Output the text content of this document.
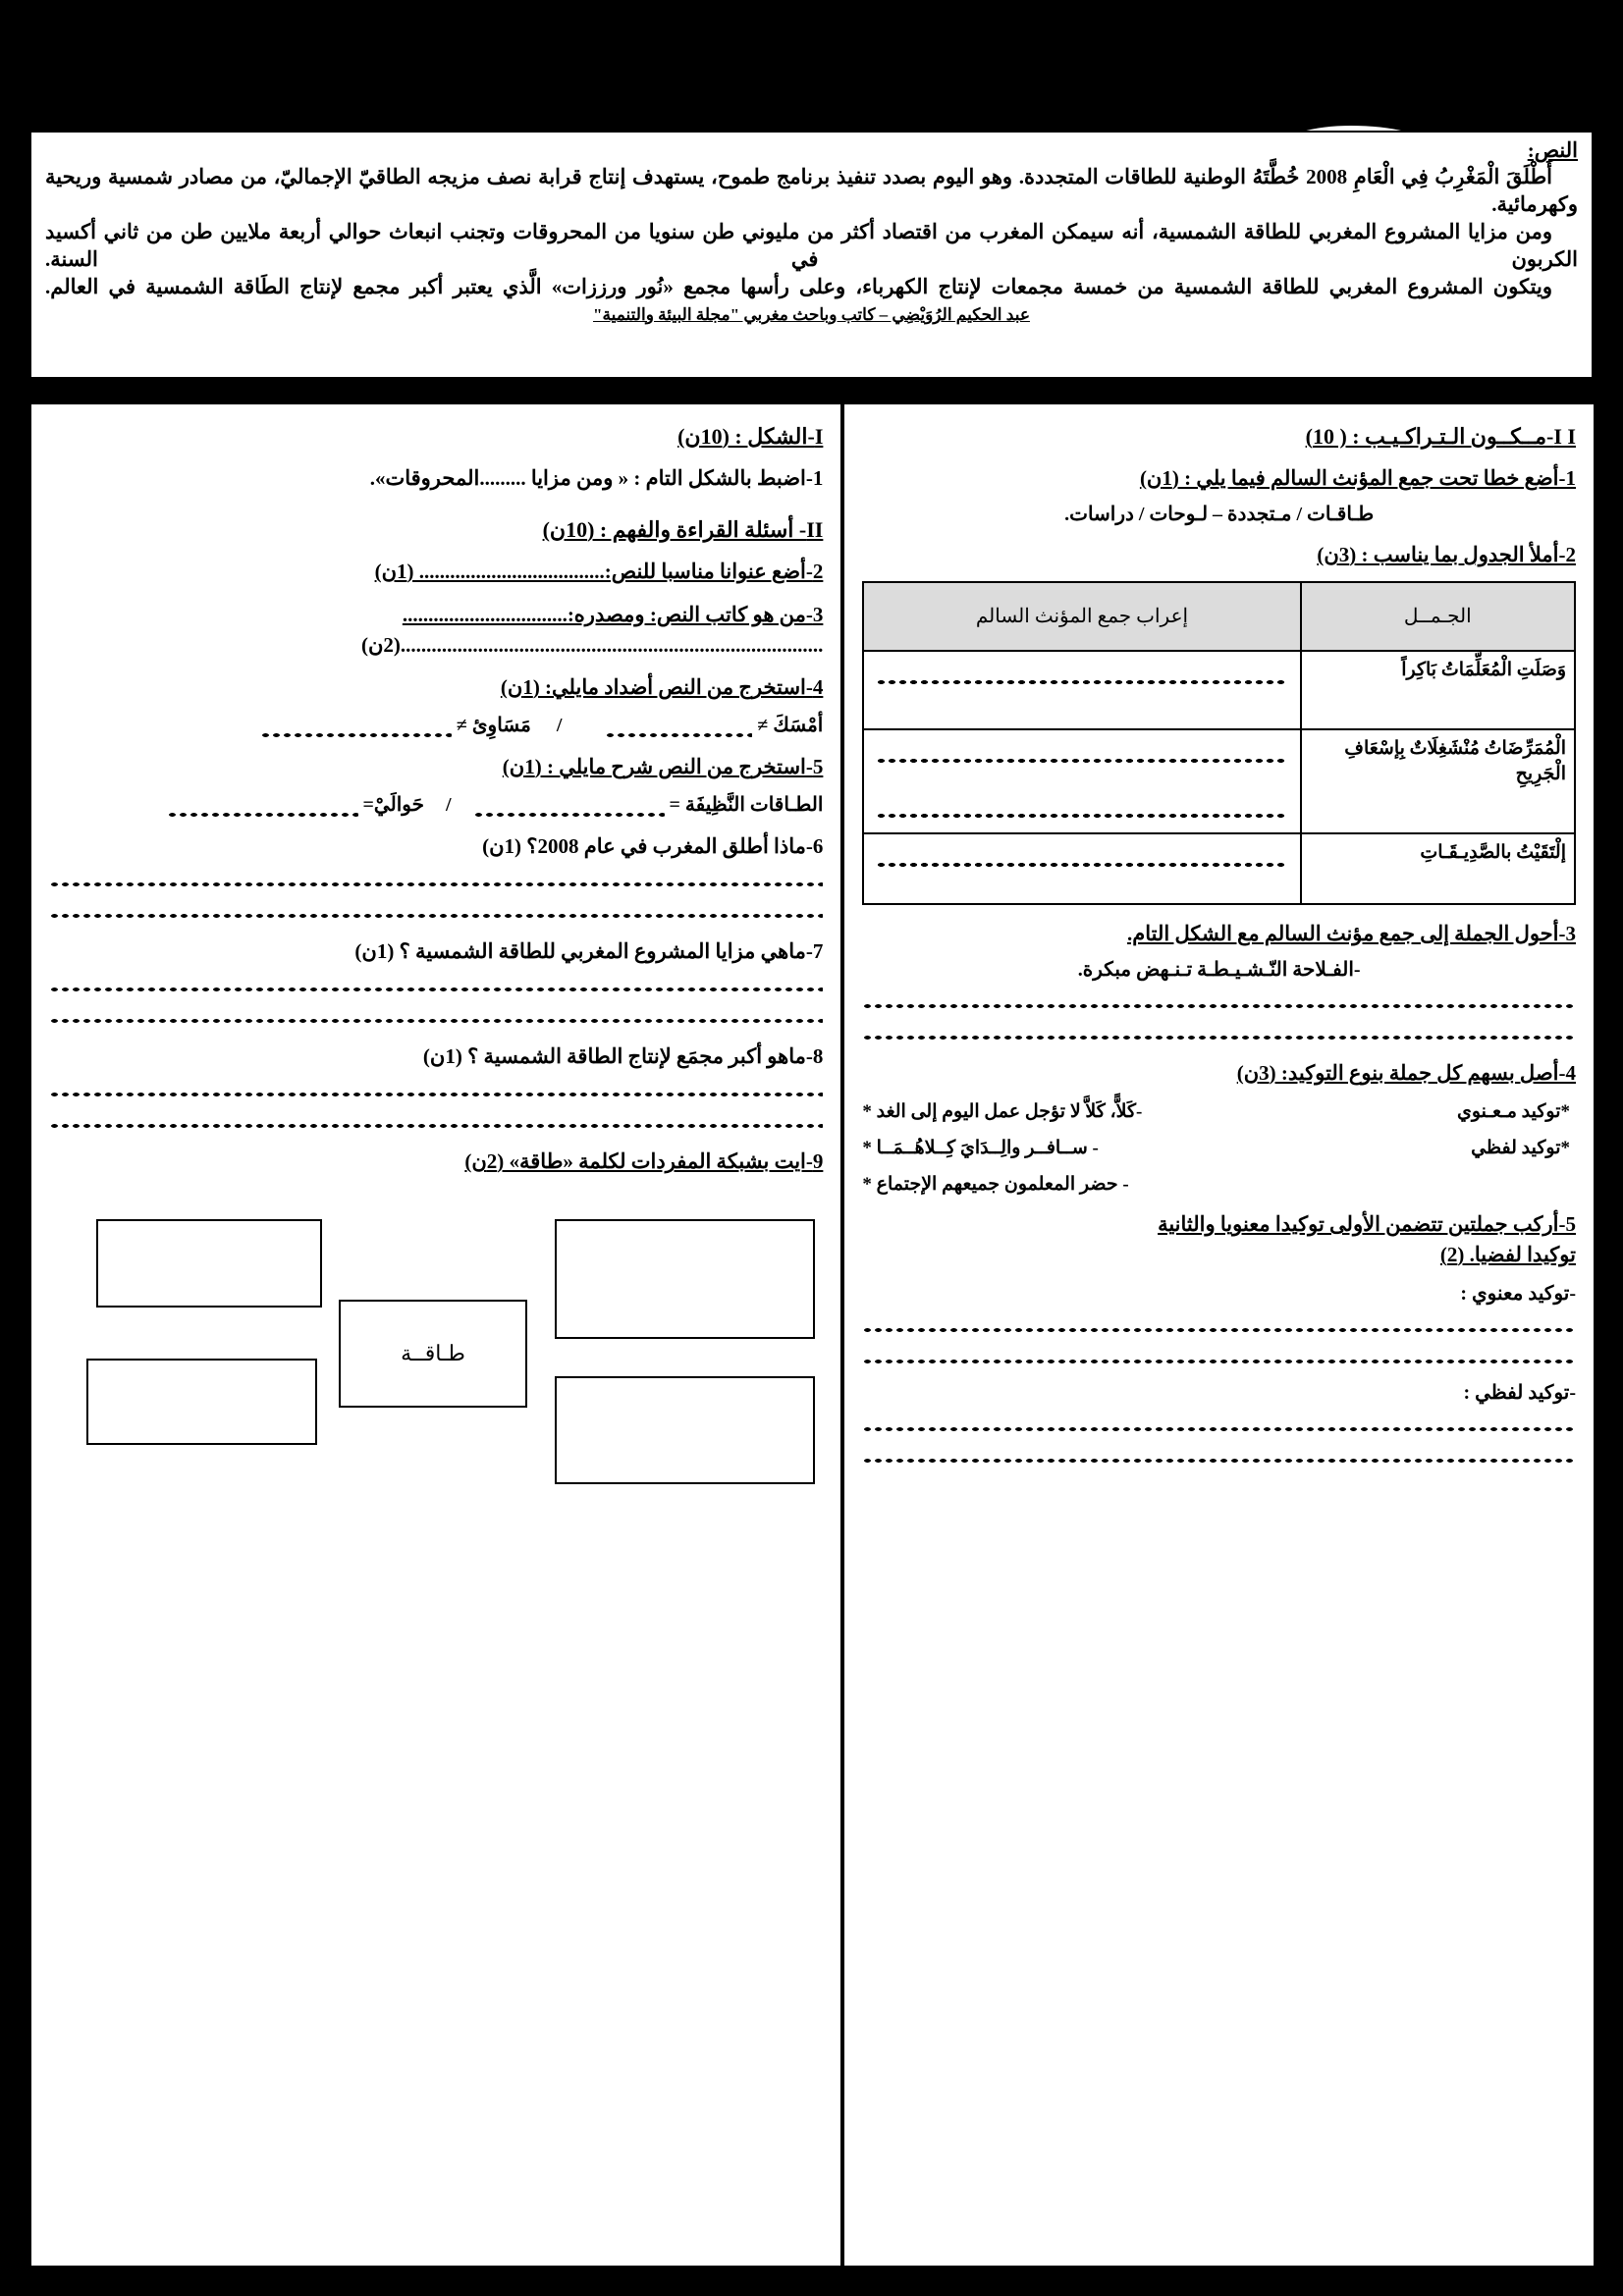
النص:

أَطْلَقَ الْمَغْرِبُ فِي الْعَامِ 2008 خُطَّتَهُ الوطنية للطاقات المتجددة. وهو اليوم بصدد تنفيذ برنامج طموح، يستهدف إنتاج قرابة نصف مزيجه الطاقيّ الإجماليّ، من مصادر شمسية وريحية وكهرمائية.

ومن مزايا المشروع المغربي للطاقة الشمسية، أنه سيمكن المغرب من اقتصاد أكثر من مليوني طن سنويا من المحروقات وتجنب انبعاث حوالي أربعة ملايين طن من ثاني أكسيد الكربون في السنة.

ويتكون المشروع المغربي للطاقة الشمسية من خمسة مجمعات لإنتاج الكهرباء، وعلى رأسها مجمع «نُور ورززات» الَّذي يعتبر أكبر مجمع لإنتاج الطَاقة الشمسية في العالم.

عبد الحكيم الرُوَيْضِي – كاتب وباحث مغربي "مجلة البيئة والتنمية"
I I-مــكــون الـتـراكـيـب : ( 10)
1-أضع خطا تحت جمع المؤنث السالم فيما يلي : (1ن)
طـاقـات / مـتجددة – لـوحات / دراسات.
2-أملأ الجدول بما يناسب : (3ن)
الجـمــل	إعراب جمع المؤنث السالم
وَصَلَتِ الْمُعَلِّمَاتُ بَاكِراً	

الْمُمَرِّضَاتُ مُنْشَغِلَاتٌ بِإسْعَافِ الْجَرِيحِ	

إلْتَقَيْتُ بالصَّدِيـقَـاتِ	
3-أحول الجملة إلى جمع مؤنث السالم مع الشكل التام.
-الفـلاحة النّـشـيـطـة تـنـهض مبكرة.
4-أصل بسهم كل جملة بنوع التوكيد: (3ن)
*توكيد مـعـنوي
-كَلاًّ، كَلاَّ لا تؤجل عمل اليوم إلى الغد *
*توكيد لفظي
- ســافــر والِــدَايَ كِــلاهُــمَــا *
- حضر المعلمون جميعهم الإجتماع *
5-أركب جملتين تتضمن الأولى توكيدا معنويا والثانية
توكيدا لفضيا. (2)
-توكيد معنوي :
-توكيد لفظي :
I-الشكل : (10ن)
1-اضبط بالشكل التام : « ومن مزايا .........المحروقات».
II- أسئلة القراءة والفهم : (10ن)
2-أضع عنوانا مناسبا للنص:.................................... (1ن)
3-من هو كاتب النص: ومصدره:................................
..................................................................................(2ن)
4-استخرج من النص أضداد مايلي: (1ن)
أمْسَكَ ≠   /  مَسَاوِئ ≠
5-استخرج من النص شرح مايلي : (1ن)
الطـاقات النَّظِيفَة =   /  حَوالَيْ=
6-ماذا أطلق المغرب في عام 2008؟ (1ن)
7-ماهي مزايا المشروع المغربي للطاقة الشمسية ؟ (1ن)
8-ماهو أكبر مجمَع لإنتاج الطاقة الشمسية ؟ (1ن)
9-ايت بشبكة المفردات لكلمة «طاقة» (2ن)
طـاقــة
